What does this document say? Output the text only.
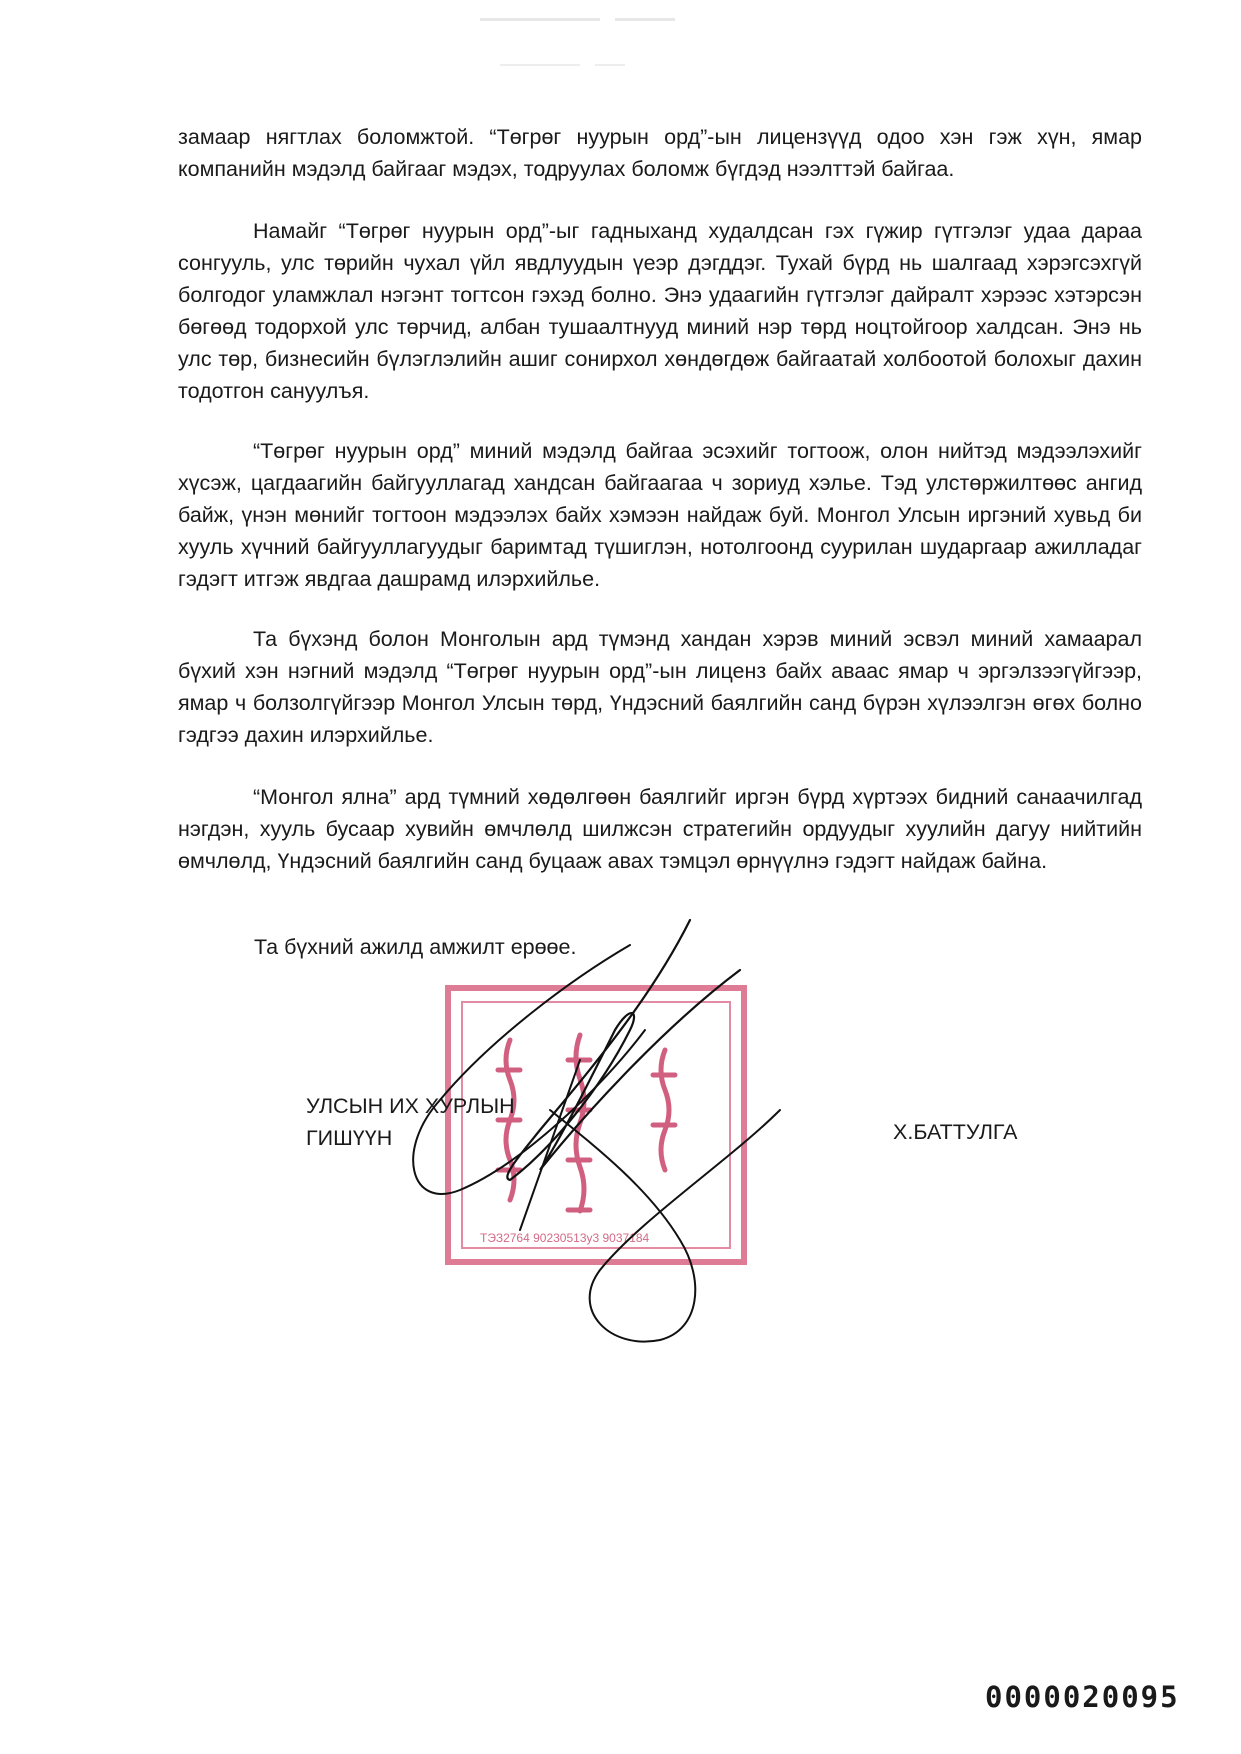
замаар нягтлах боломжтой. “Төгрөг нуурын орд”-ын лицензүүд одоо хэн гэж хүн, ямар компанийн мэдэлд байгааг мэдэх, тодруулах боломж бүгдэд нээлттэй байгаа.

Намайг “Төгрөг нуурын орд”-ыг гадныханд худалдсан гэх гүжир гүтгэлэг удаа дараа сонгууль, улс төрийн чухал үйл явдлуудын үеэр дэгддэг. Тухай бүрд нь шалгаад хэрэгсэхгүй болгодог уламжлал нэгэнт тогтсон гэхэд болно. Энэ удаагийн гүтгэлэг дайралт хэрээс хэтэрсэн бөгөөд тодорхой улс төрчид, албан тушаалтнууд миний нэр төрд ноцтойгоор халдсан. Энэ нь улс төр, бизнесийн бүлэглэлийн ашиг сонирхол хөндөгдөж байгаатай холбоотой болохыг дахин тодотгон сануулъя.

“Төгрөг нуурын орд” миний мэдэлд байгаа эсэхийг тогтоож, олон нийтэд мэдээлэхийг хүсэж, цагдаагийн байгууллагад хандсан байгаагаа ч зориуд хэлье. Тэд улстөржилтөөс ангид байж, үнэн мөнийг тогтоон мэдээлэх байх хэмээн найдаж буй. Монгол Улсын иргэний хувьд би хууль хүчний байгууллагуудыг баримтад түшиглэн, нотолгоонд суурилан шударгаар ажилладаг гэдэгт итгэж явдгаа дашрамд илэрхийлье.

Та бүхэнд болон Монголын ард түмэнд хандан хэрэв миний эсвэл миний хамаарал бүхий хэн нэгний мэдэлд “Төгрөг нуурын орд”-ын лиценз байх аваас ямар ч эргэлзээгүйгээр, ямар ч болзолгүйгээр Монгол Улсын төрд, Үндэсний баялгийн санд бүрэн хүлээлгэн өгөх болно гэдгээ дахин илэрхийлье.

“Монгол ялна” ард түмний хөдөлгөөн баялгийг иргэн бүрд хүртээх бидний санаачилгад нэгдэн, хууль бусаар хувийн өмчлөлд шилжсэн стратегийн ордуудыг хуулийн дагуу нийтийн өмчлөлд, Үндэсний баялгийн санд буцааж авах тэмцэл өрнүүлнэ гэдэгт найдаж байна.

Та бүхний ажилд амжилт ерөөе.

ТЭЗ2764 90230513у3 9037184

УЛСЫН ИХ ХУРЛЫН

ГИШҮҮН	Х.БАТТУЛГА

0000020095
